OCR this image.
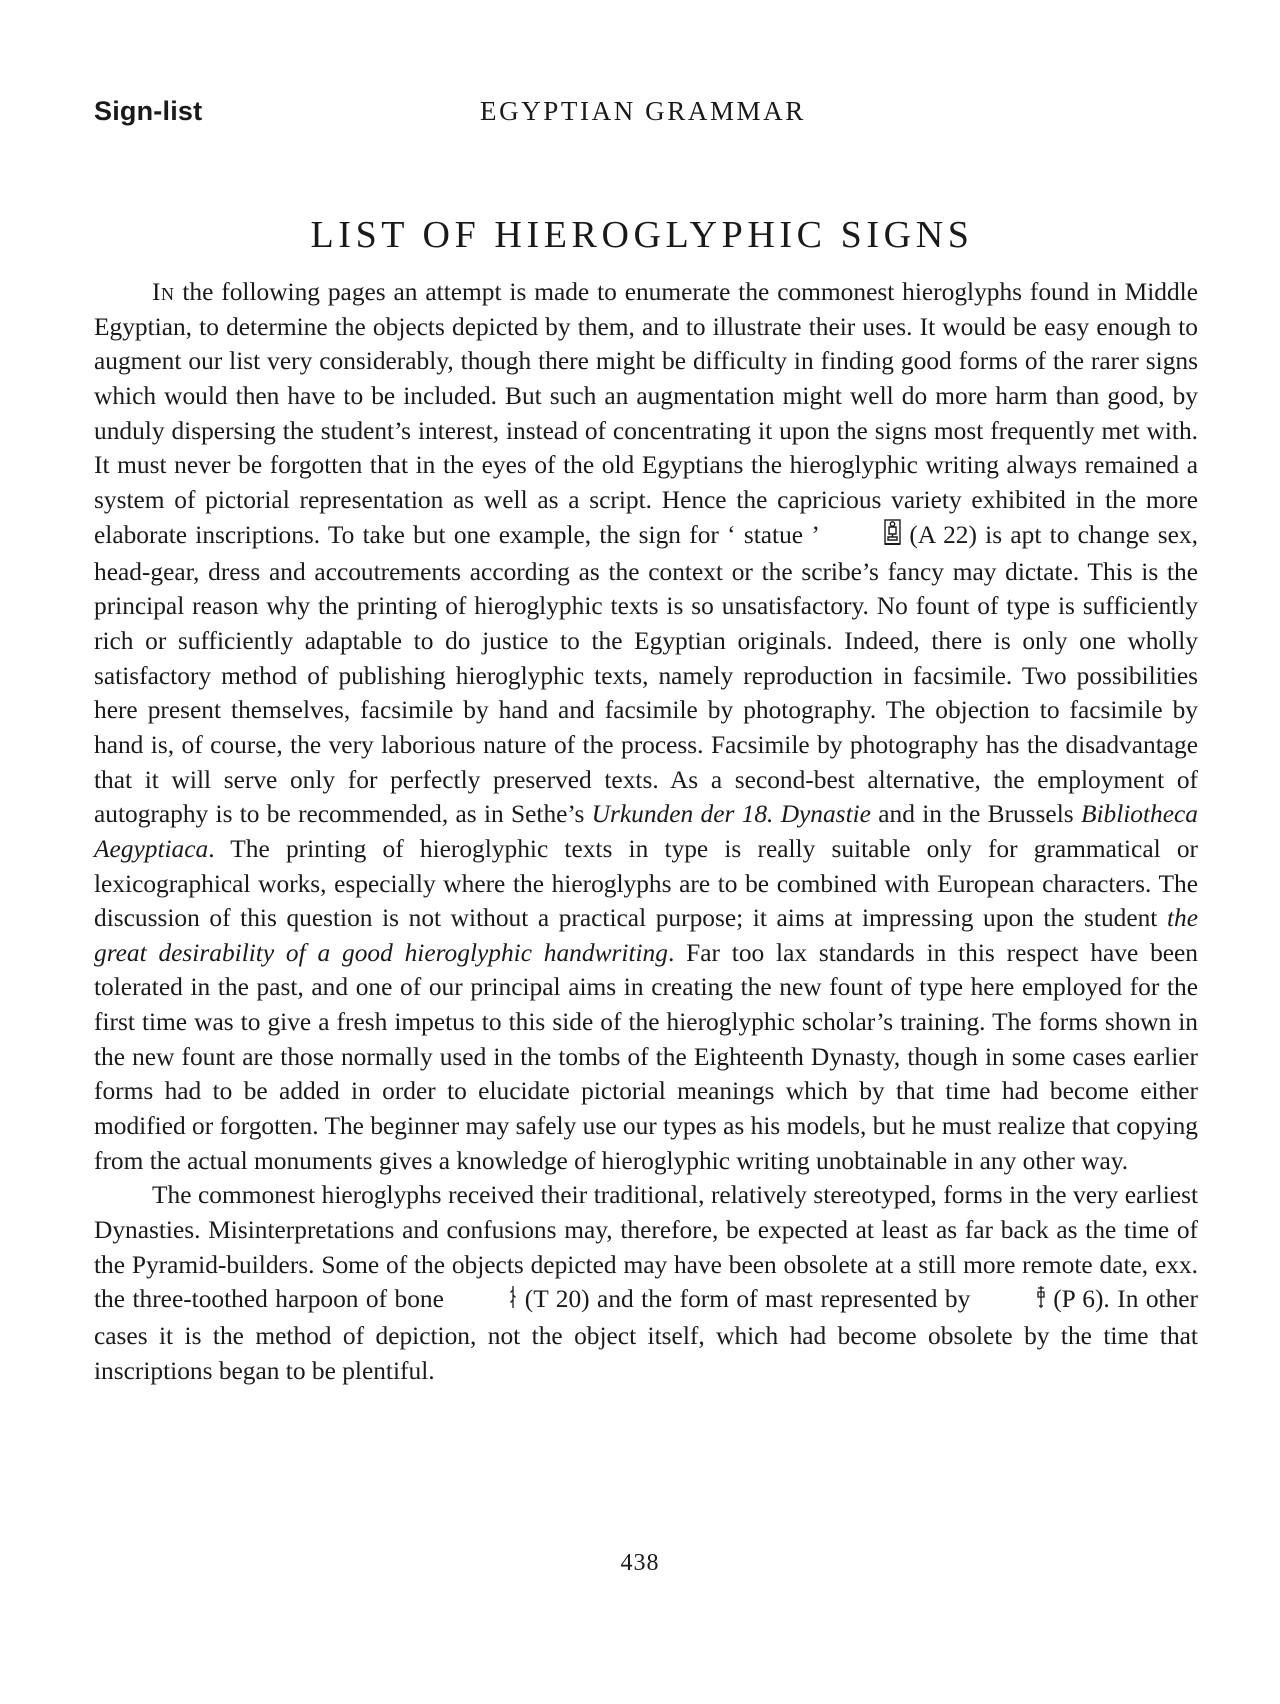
Sign-list	EGYPTIAN GRAMMAR
LIST OF HIEROGLYPHIC SIGNS

In the following pages an attempt is made to enumerate the commonest hieroglyphs found in Middle Egyptian, to determine the objects depicted by them, and to illustrate their uses. It would be easy enough to augment our list very considerably, though there might be difficulty in finding good forms of the rarer signs which would then have to be included. But such an augmentation might well do more harm than good, by unduly dispersing the student’s interest, instead of concentrating it upon the signs most frequently met with. It must never be forgotten that in the eyes of the old Egyptians the hieroglyphic writing always remained a system of pictorial representation as well as a script. Hence the capricious variety exhibited in the more elaborate inscriptions. To take but one example, the sign for ‘ statue ’	(A 22) is apt to change sex, head-gear, dress and accoutrements according as the context or the scribe’s fancy may dictate. This is the principal reason why the printing of hieroglyphic texts is so unsatisfactory. No fount of type is sufficiently rich or sufficiently adaptable to do justice to the Egyptian originals. Indeed, there is only one wholly satisfactory method of publishing hieroglyphic texts, namely reproduction in facsimile. Two possibilities here present themselves, facsimile by hand and facsimile by photography. The objection to facsimile by hand is, of course, the very laborious nature of the process. Facsimile by photography has the disadvantage that it will serve only for perfectly preserved texts. As a second-best alternative, the employment of autography is to be recommended, as in Sethe’s Urkunden der 18. Dynastie and in the Brussels Bibliotheca Aegyptiaca. The printing of hieroglyphic texts in type is really suitable only for grammatical or lexicographical works, especially where the hieroglyphs are to be combined with European characters. The discussion of this question is not without a practical purpose; it aims at impressing upon the student the great desirability of a good hieroglyphic handwriting. Far too lax standards in this respect have been tolerated in the past, and one of our principal aims in creating the new fount of type here employed for the first time was to give a fresh impetus to this side of the hieroglyphic scholar’s training. The forms shown in the new fount are those normally used in the tombs of the Eighteenth Dynasty, though in some cases earlier forms had to be added in order to elucidate pictorial meanings which by that time had become either modified or forgotten. The beginner may safely use our types as his models, but he must realize that copying from the actual monuments gives a knowledge of hieroglyphic writing unobtainable in any other way.

The commonest hieroglyphs received their traditional, relatively stereotyped, forms in the very earliest Dynasties. Misinterpretations and confusions may, therefore, be expected at least as far back as the time of the Pyramid-builders. Some of the objects depicted may have been obsolete at a still more remote date, exx. the three-toothed harpoon of bone	(T 20) and the form of mast represented by	(P 6). In other cases it is the method of depiction, not the object itself, which had become obsolete by the time that inscriptions began to be plentiful.

438
